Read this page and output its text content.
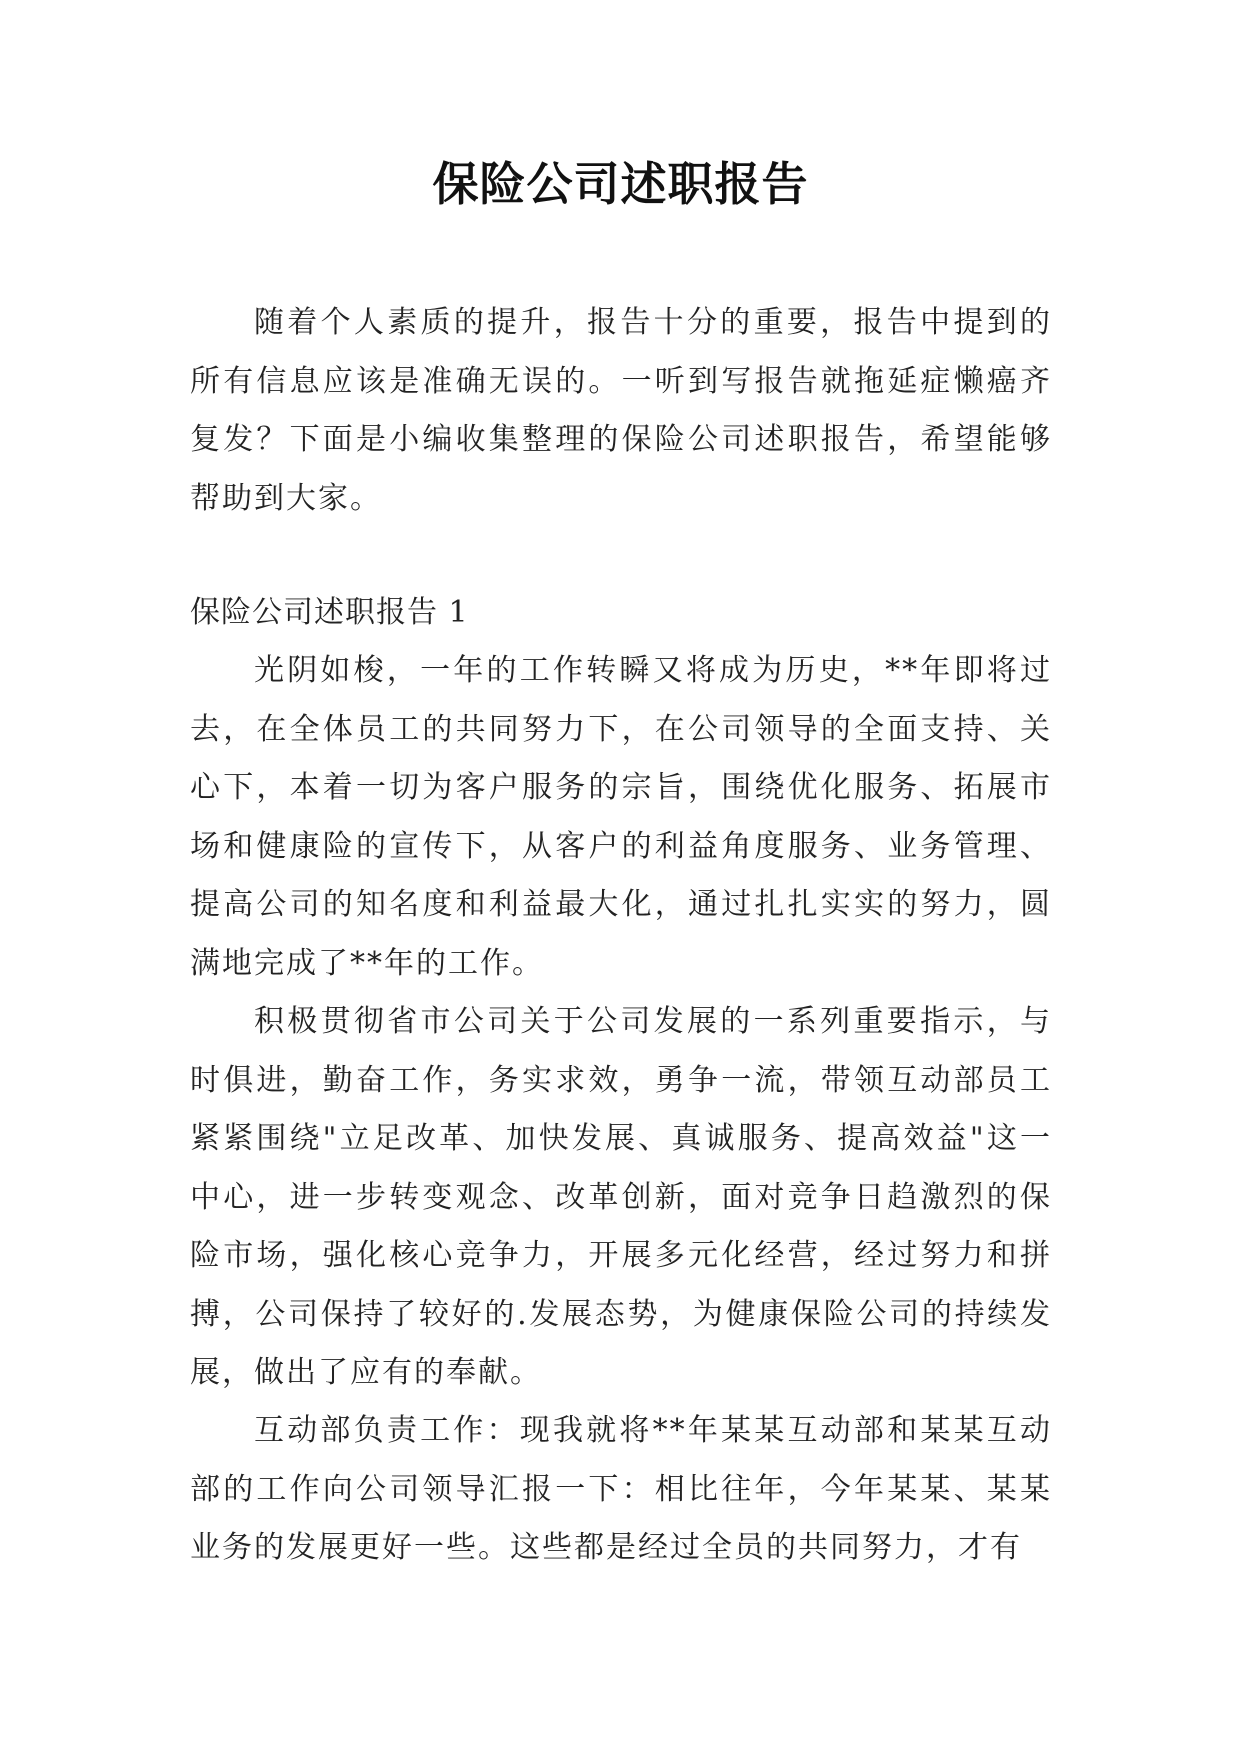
保险公司述职报告

随着个人素质的提升，报告十分的重要，报告中提到的所有信息应该是准确无误的。一听到写报告就拖延症懒癌齐复发？下面是小编收集整理的保险公司述职报告，希望能够帮助到大家。

保险公司述职报告 1

光阴如梭，一年的工作转瞬又将成为历史，**年即将过去，在全体员工的共同努力下，在公司领导的全面支持、关心下，本着一切为客户服务的宗旨，围绕优化服务、拓展市场和健康险的宣传下，从客户的利益角度服务、业务管理、提高公司的知名度和利益最大化，通过扎扎实实的努力，圆满地完成了**年的工作。

积极贯彻省市公司关于公司发展的一系列重要指示，与时俱进，勤奋工作，务实求效，勇争一流，带领互动部员工紧紧围绕"立足改革、加快发展、真诚服务、提高效益"这一中心，进一步转变观念、改革创新，面对竞争日趋激烈的保险市场，强化核心竞争力，开展多元化经营，经过努力和拼搏，公司保持了较好的.发展态势，为健康保险公司的持续发展，做出了应有的奉献。

互动部负责工作：现我就将**年某某互动部和某某互动部的工作向公司领导汇报一下：相比往年，今年某某、某某业务的发展更好一些。这些都是经过全员的共同努力，才有
